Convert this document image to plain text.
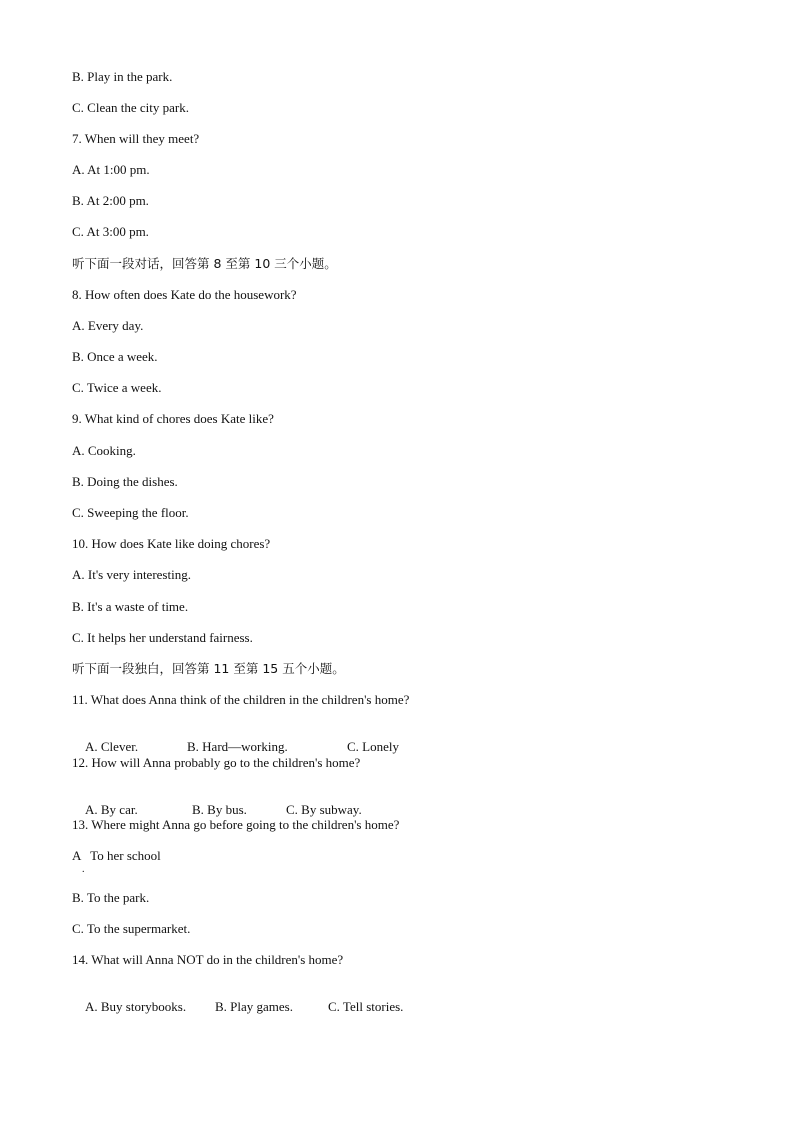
B. Play in the park.
C. Clean the city park.
7. When will they meet?
A. At 1:00 pm.
B. At 2:00 pm.
C. At 3:00 pm.
听下面一段对话，回答第 8 至第 10 三个小题。
8. How often does Kate do the housework?
A. Every day.
B. Once a week.
C. Twice a week.
9. What kind of chores does Kate like?
A. Cooking.
B. Doing the dishes.
C. Sweeping the floor.
10. How does Kate like doing chores?
A. It's very interesting.
B. It's a waste of time.
C. It helps her understand fairness.
听下面一段独白，回答第 11 至第 15 五个小题。
11. What does Anna think of the children in the children's home?

A. Clever.	B. Hard—working.	C. Lonely

12. How will Anna probably go to the children's home?

A. By car.	B. By bus.	C. By subway.

13. Where might Anna go before going to the children's home?
A   To her school
.
B. To the park.
C. To the supermarket.
14. What will Anna NOT do in the children's home?

A. Buy storybooks. B. Play games.	C. Tell stories.
